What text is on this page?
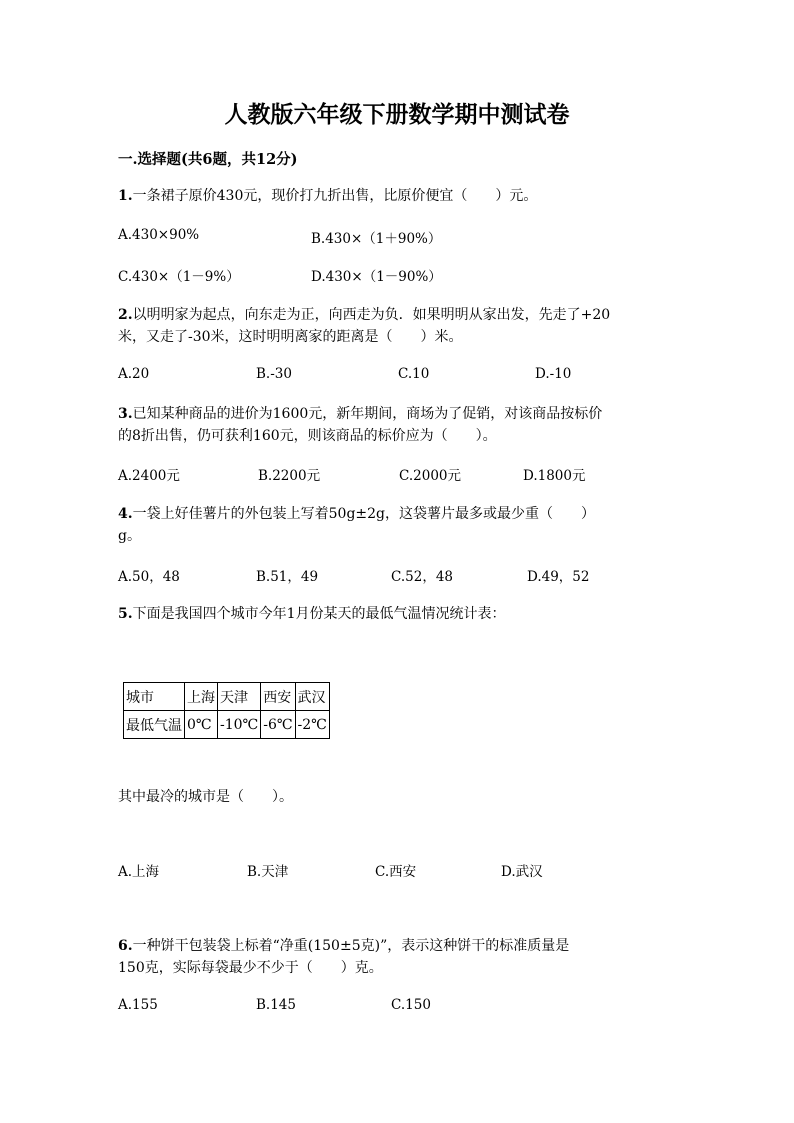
人教版六年级下册数学期中测试卷
一.选择题(共6题，共12分)
1.一条裙子原价430元，现价打九折出售，比原价便宜（　　）元。
A.430×90%	B.430×（1＋90%）
C.430×（1－9%）	D.430×（1－90%）
2.以明明家为起点，向东走为正，向西走为负．如果明明从家出发，先走了+20
米，又走了-30米，这时明明离家的距离是（　　）米。
A.20	B.-30	C.10	D.-10
3.已知某种商品的进价为1600元，新年期间，商场为了促销，对该商品按标价
的8折出售，仍可获利160元，则该商品的标价应为（　　）。
A.2400元	B.2200元	C.2000元	D.1800元
4.一袋上好佳薯片的外包装上写着50g±2g，这袋薯片最多或最少重（　　）
g。
A.50，48	B.51，49	C.52，48	D.49，52
5.下面是我国四个城市今年1月份某天的最低气温情况统计表：
城市	上海	天津	西安	武汉
最低气温	0℃	-10℃	-6℃	-2℃
其中最冷的城市是（　　）。
A.上海	B.天津	C.西安	D.武汉
6.一种饼干包装袋上标着“净重(150±5克)”，表示这种饼干的标准质量是
150克，实际每袋最少不少于（　　）克。
A.155	B.145	C.150
